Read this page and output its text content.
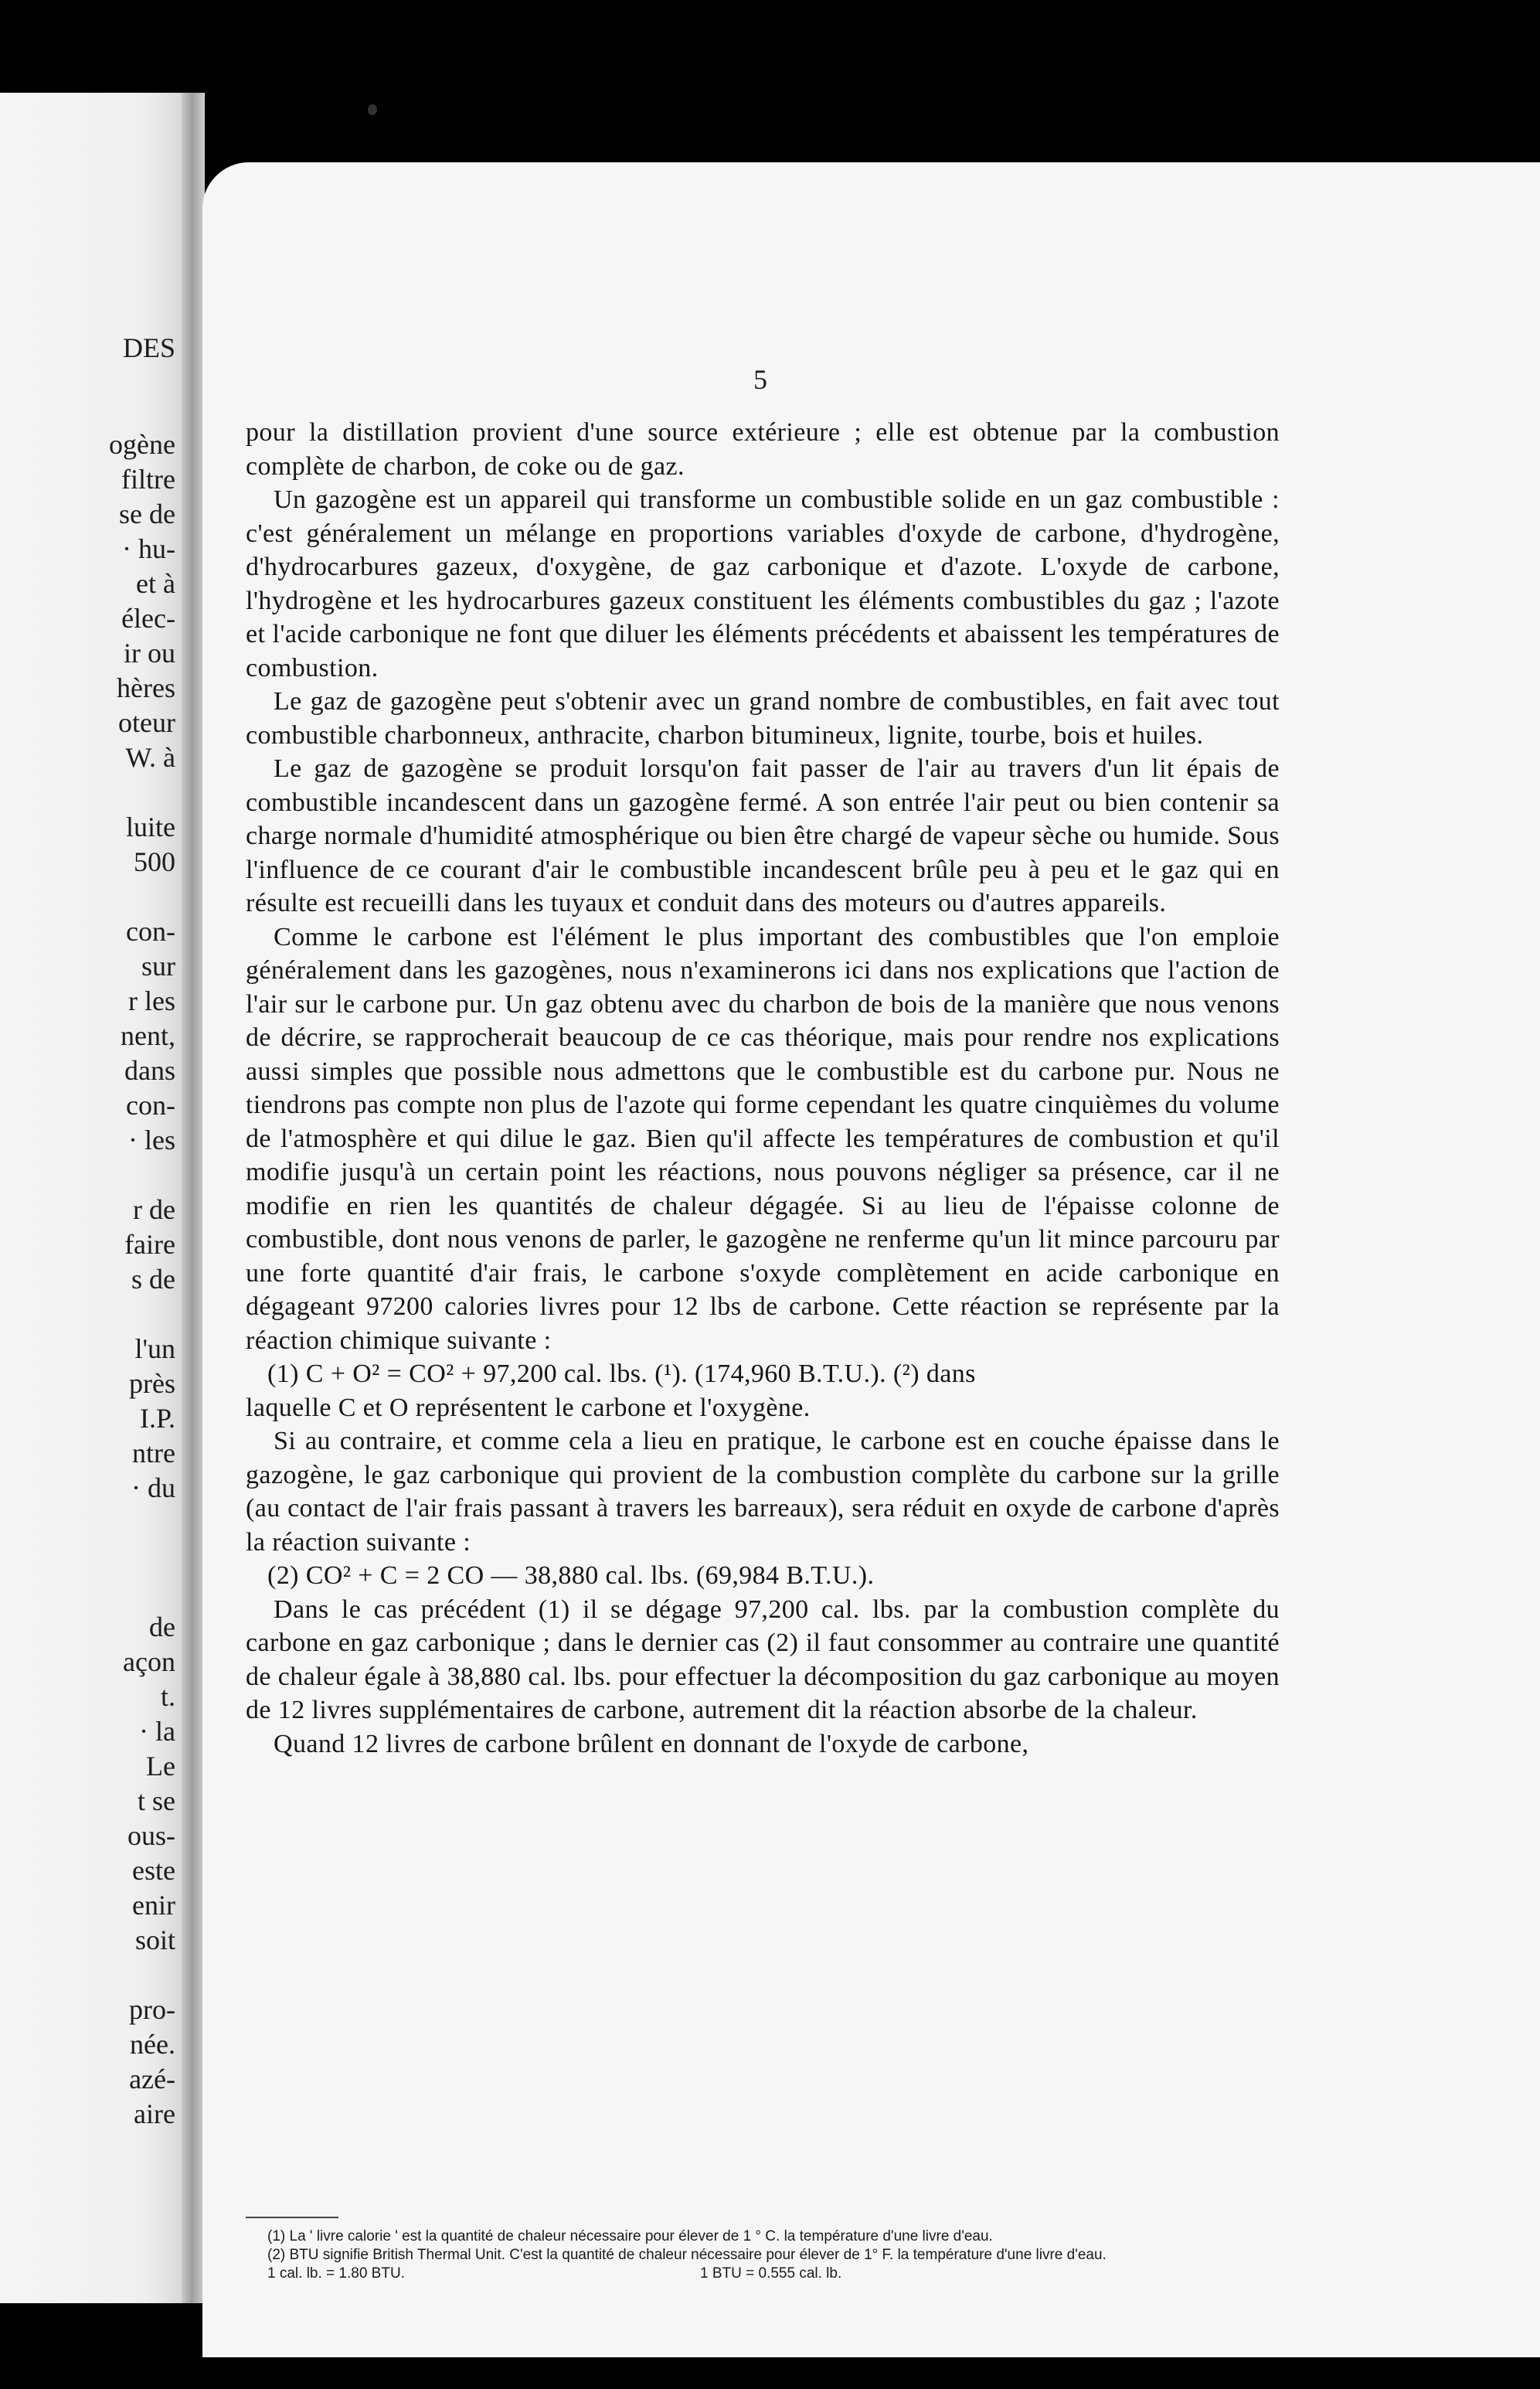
DES

ogène

filtre

se de

· hu-

et à

élec-

ir ou

hères

oteur

W. à

luite

500

con-

sur

r les

nent,

dans

con-

· les

r de

faire

s de

l'un

près

I.P.

ntre

· du

de

açon

t.

· la

Le

t se

ous-

este

enir

soit

pro-

née.

azé-

aire

5

pour la distillation provient d'une source extérieure ; elle est obtenue par la combustion complète de charbon, de coke ou de gaz.

Un gazogène est un appareil qui transforme un combustible solide en un gaz combustible : c'est généralement un mélange en proportions variables d'oxyde de carbone, d'hydrogène, d'hydrocarbures gazeux, d'oxygène, de gaz carbonique et d'azote. L'oxyde de carbone, l'hydrogène et les hydrocarbures gazeux constituent les éléments combustibles du gaz ; l'azote et l'acide carbonique ne font que diluer les éléments précédents et abaissent les températures de combustion.

Le gaz de gazogène peut s'obtenir avec un grand nombre de combustibles, en fait avec tout combustible charbonneux, anthracite, charbon bitumineux, lignite, tourbe, bois et huiles.

Le gaz de gazogène se produit lorsqu'on fait passer de l'air au travers d'un lit épais de combustible incandescent dans un gazogène fermé. A son entrée l'air peut ou bien contenir sa charge normale d'humidité atmosphérique ou bien être chargé de vapeur sèche ou humide. Sous l'influence de ce courant d'air le combustible incandescent brûle peu à peu et le gaz qui en résulte est recueilli dans les tuyaux et conduit dans des moteurs ou d'autres appareils.

Comme le carbone est l'élément le plus important des combustibles que l'on emploie généralement dans les gazogènes, nous n'examinerons ici dans nos explications que l'action de l'air sur le carbone pur. Un gaz obtenu avec du charbon de bois de la manière que nous venons de décrire, se rapprocherait beaucoup de ce cas théorique, mais pour rendre nos explications aussi simples que possible nous admettons que le combustible est du carbone pur. Nous ne tiendrons pas compte non plus de l'azote qui forme cependant les quatre cinquièmes du volume de l'atmosphère et qui dilue le gaz. Bien qu'il affecte les températures de combustion et qu'il modifie jusqu'à un certain point les réactions, nous pouvons négliger sa présence, car il ne modifie en rien les quantités de chaleur dégagée. Si au lieu de l'épaisse colonne de combustible, dont nous venons de parler, le gazogène ne renferme qu'un lit mince parcouru par une forte quantité d'air frais, le carbone s'oxyde complètement en acide carbonique en dégageant 97200 calories livres pour 12 lbs de carbone. Cette réaction se représente par la réaction chimique suivante :

(1) C + O² = CO² + 97,200 cal. lbs. (¹). (174,960 B.T.U.). (²) dans

laquelle C et O représentent le carbone et l'oxygène.

Si au contraire, et comme cela a lieu en pratique, le carbone est en couche épaisse dans le gazogène, le gaz carbonique qui provient de la combustion complète du carbone sur la grille (au contact de l'air frais passant à travers les barreaux), sera réduit en oxyde de carbone d'après la réaction suivante :

(2) CO² + C = 2 CO — 38,880 cal. lbs. (69,984 B.T.U.).

Dans le cas précédent (1) il se dégage 97,200 cal. lbs. par la combustion complète du carbone en gaz carbonique ; dans le dernier cas (2) il faut consommer au contraire une quantité de chaleur égale à 38,880 cal. lbs. pour effectuer la décomposition du gaz carbonique au moyen de 12 livres supplémentaires de carbone, autrement dit la réaction absorbe de la chaleur.

Quand 12 livres de carbone brûlent en donnant de l'oxyde de carbone,

(1) La ' livre calorie ' est la quantité de chaleur nécessaire pour élever de 1 ° C. la température d'une livre d'eau.

(2) BTU signifie British Thermal Unit. C'est la quantité de chaleur nécessaire pour élever de 1° F. la température d'une livre d'eau.

1 cal. lb. = 1.80 BTU.	1 BTU = 0.555 cal. lb.
